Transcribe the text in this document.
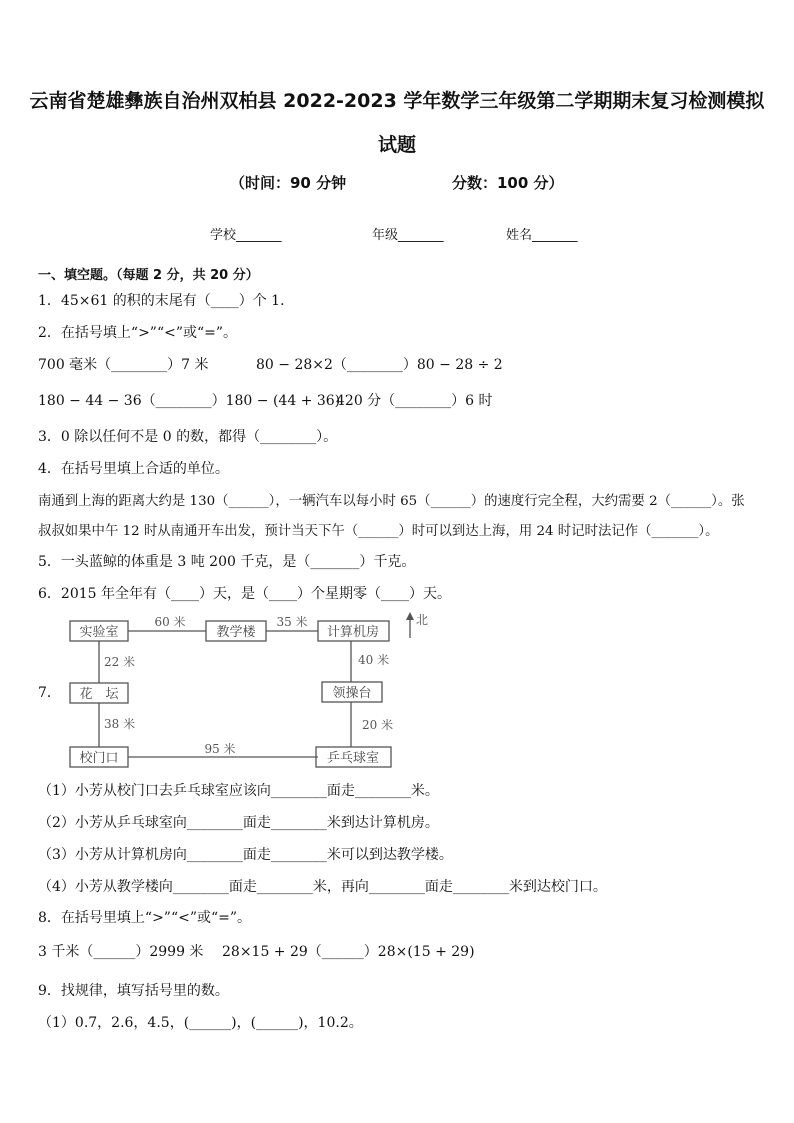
云南省楚雄彝族自治州双柏县 2022-2023 学年数学三年级第二学期期末复习检测模拟
试题
（时间：90 分钟	分数：100 分）
学校_______	年级_______	姓名_______
一、填空题。（每题 2 分，共 20 分）
1．45×61 的积的末尾有（____）个 1．
2．在括号填上“>”“<”或“=”。
700 毫米（________）7 米	80 − 28×2（________）80 − 28 ÷ 2
180 − 44 − 36（________）180 − (44 + 36)
420 分（________）6 时
3．0 除以任何不是 0 的数，都得（________）。
4．在括号里填上合适的单位。
南通到上海的距离大约是 130（______），一辆汽车以每小时 65（______）的速度行完全程，大约需要 2（______）。张
叔叔如果中午 12 时从南通开车出发，预计当天下午（______）时可以到达上海，用 24 时记时法记作（_______）。
5．一头蓝鲸的体重是 3 吨 200 千克，是（_______）千克。
6．2015 年全年有（____）天，是（____）个星期零（____）天。
7．
实验室	教学楼	计算机房
花　坛	领操台
校门口	乒乓球室
60 米	35 米
22 米	40 米
38 米	20 米
95 米
北
（1）小芳从校门口去乒乓球室应该向________面走________米。
（2）小芳从乒乓球室向________面走________米到达计算机房。
（3）小芳从计算机房向________面走________米可以到达教学楼。
（4）小芳从教学楼向________面走________米，再向________面走________米到达校门口。
8．在括号里填上“>”“<”或“=”。
3 千米（______）2999 米 28×15 + 29（______）28×(15 + 29)
9．找规律，填写括号里的数。
（1）0.7，2.6，4.5，(______)，(______)，10.2。
